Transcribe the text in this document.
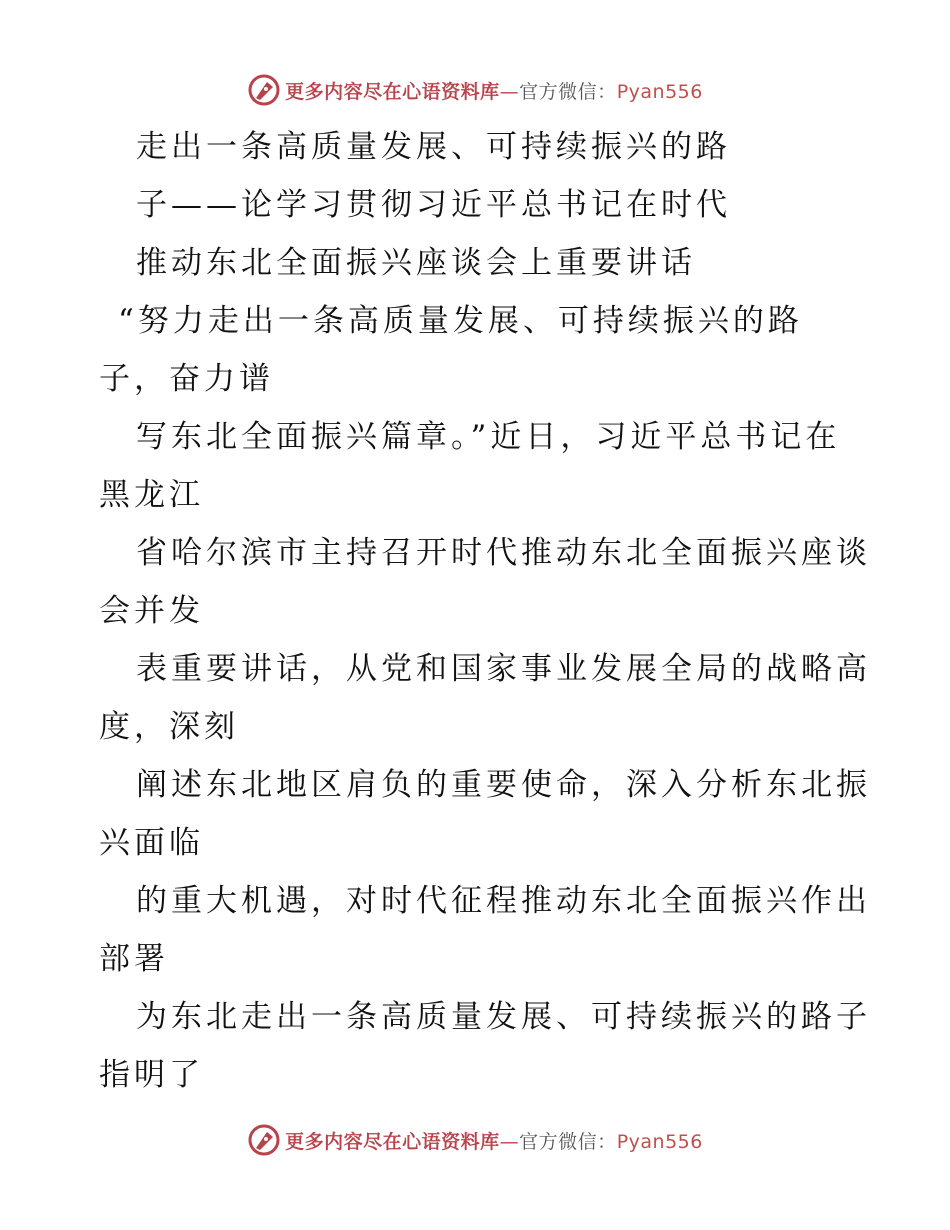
更多内容尽在心语资料库—官方微信：Pyan556
走出一条高质量发展、可持续振兴的路
子——论学习贯彻习近平总书记在时代
推动东北全面振兴座谈会上重要讲话
“努力走出一条高质量发展、可持续振兴的路
子，奋力谱
写东北全面振兴篇章。”近日，习近平总书记在
黑龙江
省哈尔滨市主持召开时代推动东北全面振兴座谈
会并发
表重要讲话，从党和国家事业发展全局的战略高
度，深刻
阐述东北地区肩负的重要使命，深入分析东北振
兴面临
的重大机遇，对时代征程推动东北全面振兴作出
部署
为东北走出一条高质量发展、可持续振兴的路子
指明了
更多内容尽在心语资料库—官方微信：Pyan556
